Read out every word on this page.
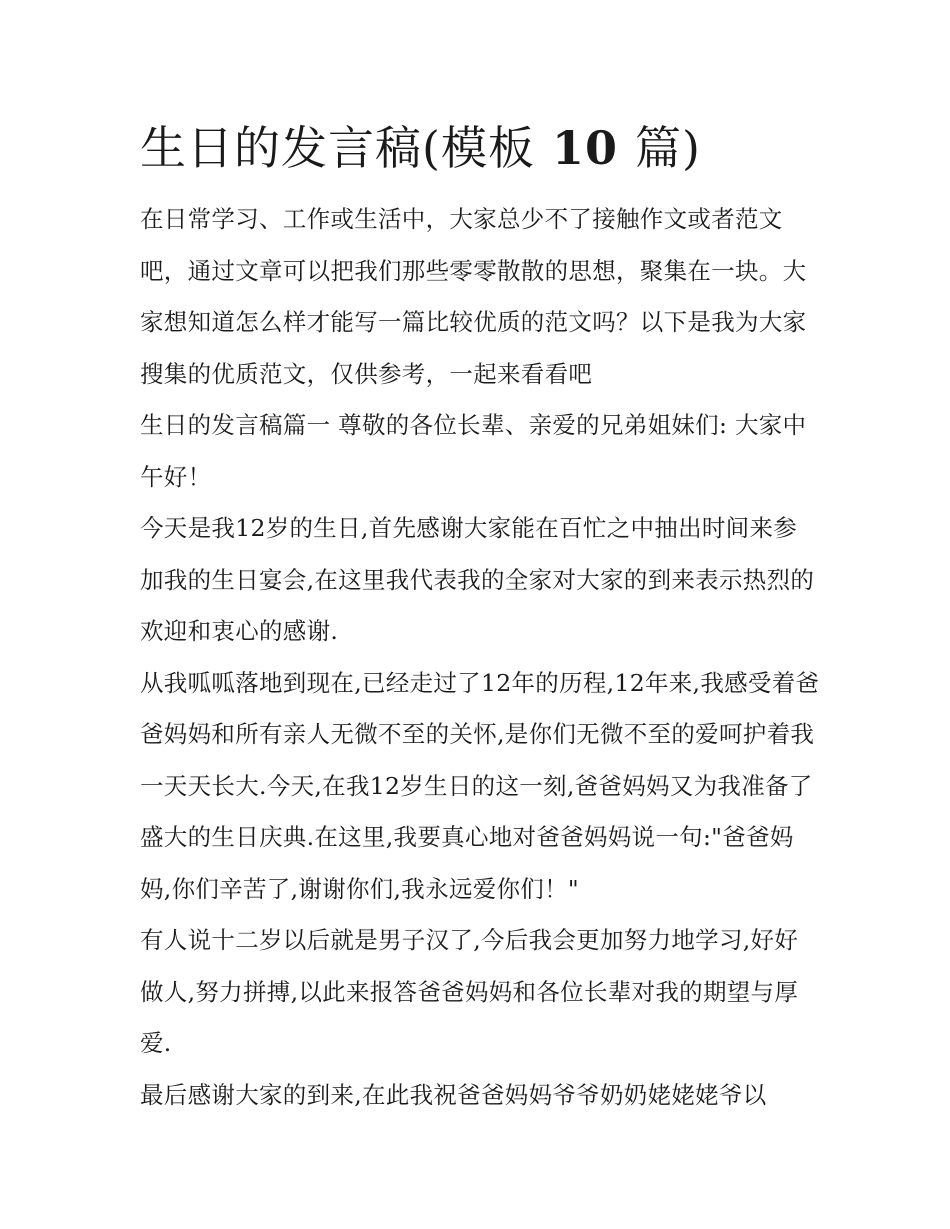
生日的发言稿(模板 10 篇)

在日常学习、工作或生活中，大家总少不了接触作文或者范文吧，通过文章可以把我们那些零零散散的思想，聚集在一块。大家想知道怎么样才能写一篇比较优质的范文吗？以下是我为大家搜集的优质范文，仅供参考，一起来看看吧

生日的发言稿篇一 尊敬的各位长辈、亲爱的兄弟姐妹们: 大家中午好！

今天是我12岁的生日,首先感谢大家能在百忙之中抽出时间来参加我的生日宴会,在这里我代表我的全家对大家的到来表示热烈的欢迎和衷心的感谢.

从我呱呱落地到现在,已经走过了12年的历程,12年来,我感受着爸爸妈妈和所有亲人无微不至的关怀,是你们无微不至的爱呵护着我一天天长大.今天,在我12岁生日的这一刻,爸爸妈妈又为我准备了盛大的生日庆典.在这里,我要真心地对爸爸妈妈说一句:"爸爸妈妈,你们辛苦了,谢谢你们,我永远爱你们！"

有人说十二岁以后就是男子汉了,今后我会更加努力地学习,好好做人,努力拼搏,以此来报答爸爸妈妈和各位长辈对我的期望与厚爱.

最后感谢大家的到来,在此我祝爸爸妈妈爷爷奶奶姥姥姥爷以
